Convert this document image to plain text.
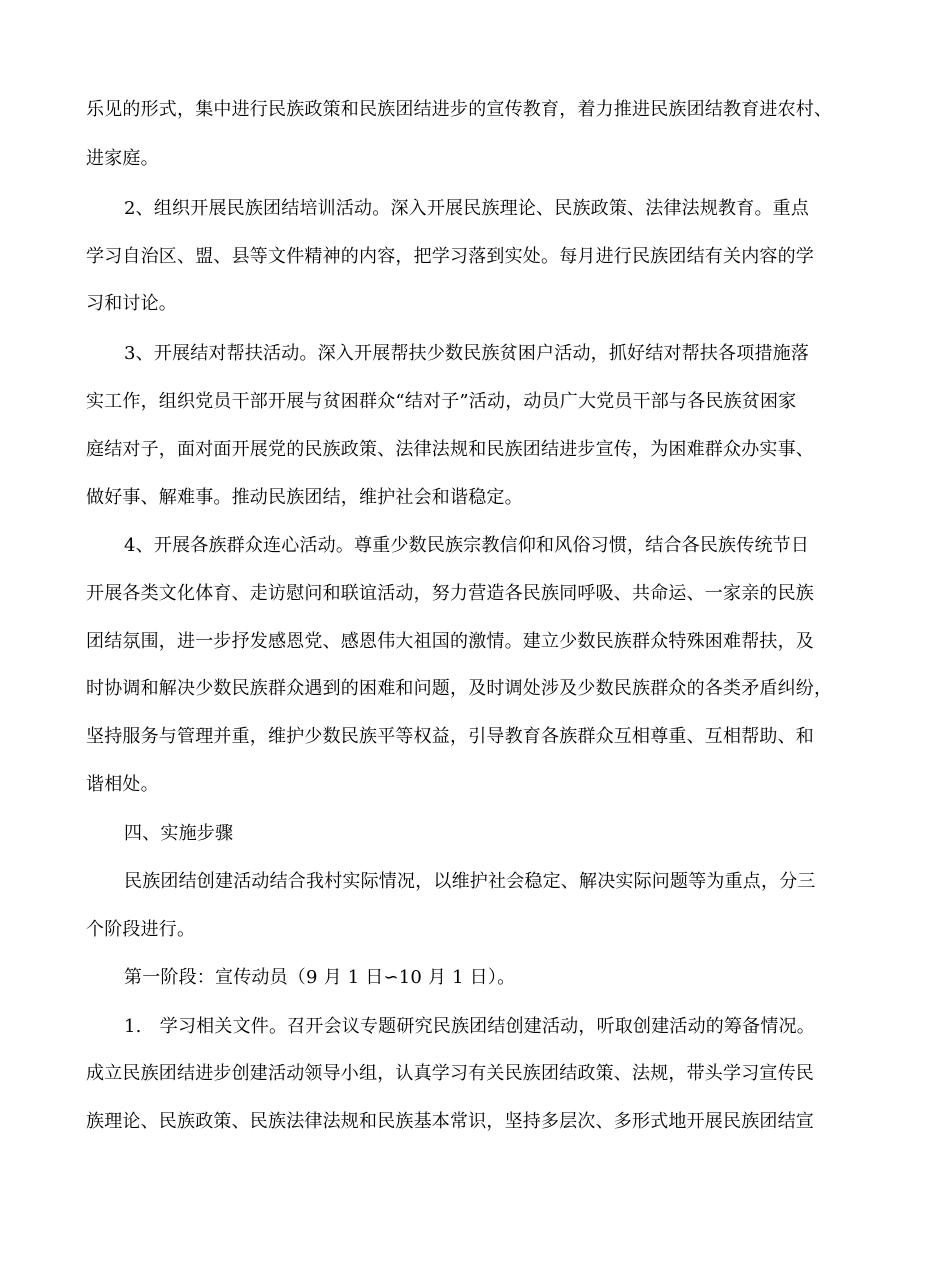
乐见的形式，集中进行民族政策和民族团结进步的宣传教育，着力推进民族团结教育进农村、
进家庭。
2、组织开展民族团结培训活动。深入开展民族理论、民族政策、法律法规教育。重点
学习自治区、盟、县等文件精神的内容，把学习落到实处。每月进行民族团结有关内容的学
习和讨论。
3、开展结对帮扶活动。深入开展帮扶少数民族贫困户活动，抓好结对帮扶各项措施落
实工作，组织党员干部开展与贫困群众“结对子”活动，动员广大党员干部与各民族贫困家
庭结对子，面对面开展党的民族政策、法律法规和民族团结进步宣传，为困难群众办实事、
做好事、解难事。推动民族团结，维护社会和谐稳定。
4、开展各族群众连心活动。尊重少数民族宗教信仰和风俗习惯，结合各民族传统节日
开展各类文化体育、走访慰问和联谊活动，努力营造各民族同呼吸、共命运、一家亲的民族
团结氛围，进一步抒发感恩党、感恩伟大祖国的激情。建立少数民族群众特殊困难帮扶，及
时协调和解决少数民族群众遇到的困难和问题，及时调处涉及少数民族群众的各类矛盾纠纷，
坚持服务与管理并重，维护少数民族平等权益，引导教育各族群众互相尊重、互相帮助、和
谐相处。
四、实施步骤
民族团结创建活动结合我村实际情况，以维护社会稳定、解决实际问题等为重点，分三
个阶段进行。
第一阶段：宣传动员（9 月 1 日∽10 月 1 日）。
1.　学习相关文件。召开会议专题研究民族团结创建活动，听取创建活动的筹备情况。
成立民族团结进步创建活动领导小组，认真学习有关民族团结政策、法规，带头学习宣传民
族理论、民族政策、民族法律法规和民族基本常识，坚持多层次、多形式地开展民族团结宣
